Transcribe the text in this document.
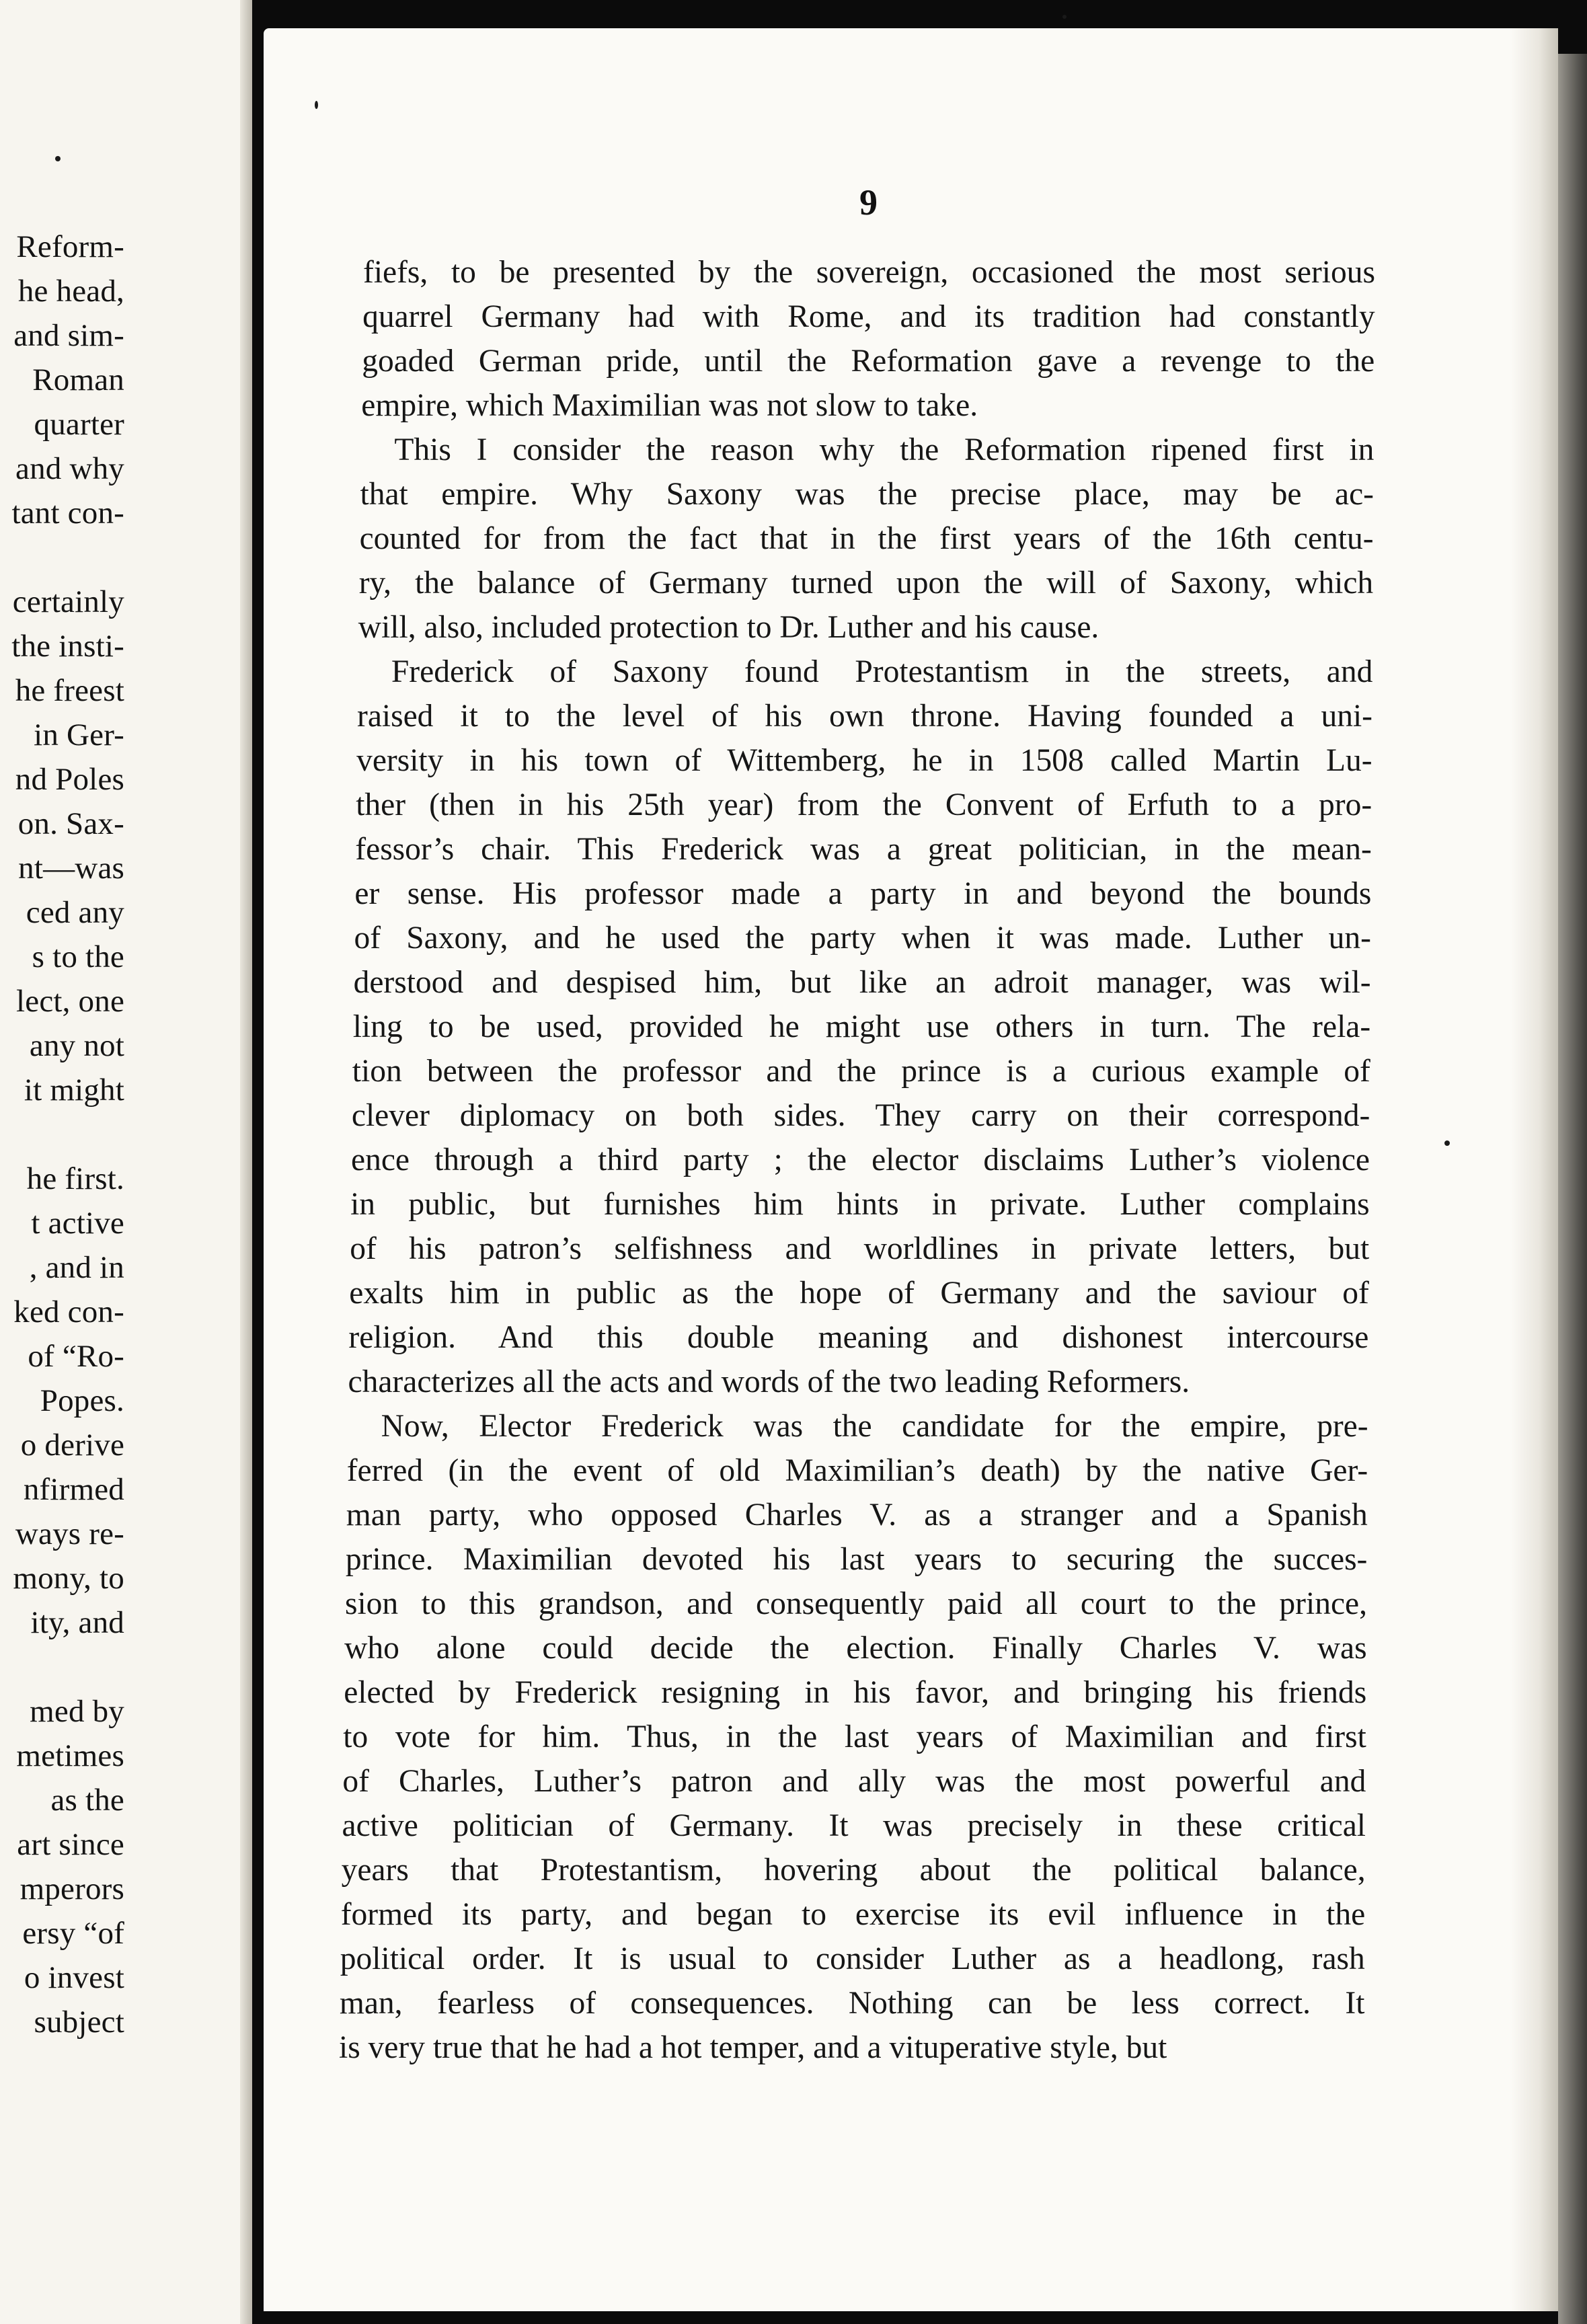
Reform-
he head,
and sim-
Roman
quarter
and why
tant con-
certainly
the insti-
he freest
in Ger-
nd Poles
on. Sax-
nt—was
ced any
s to the
lect, one
any not
it might
he first.
t active
, and in
ked con-
of “Ro-
Popes.
o derive
nfirmed
ways re-
mony, to
ity, and
med by
metimes
as the
art since
mperors
ersy “of
o invest
subject
9
fiefs, to be presented by the sovereign, occasioned the most serious
quarrel Germany had with Rome, and its tradition had constantly
goaded German pride, until the Reformation gave a revenge to the
empire, which Maximilian was not slow to take.
This I consider the reason why the Reformation ripened first in
that empire. Why Saxony was the precise place, may be ac-
counted for from the fact that in the first years of the 16th centu-
ry, the balance of Germany turned upon the will of Saxony, which
will, also, included protection to Dr. Luther and his cause.
Frederick of Saxony found Protestantism in the streets, and
raised it to the level of his own throne. Having founded a uni-
versity in his town of Wittemberg, he in 1508 called Martin Lu-
ther (then in his 25th year) from the Convent of Erfuth to a pro-
fessor’s chair. This Frederick was a great politician, in the mean-
er sense. His professor made a party in and beyond the bounds
of Saxony, and he used the party when it was made. Luther un-
derstood and despised him, but like an adroit manager, was wil-
ling to be used, provided he might use others in turn. The rela-
tion between the professor and the prince is a curious example of
clever diplomacy on both sides. They carry on their correspond-
ence through a third party ; the elector disclaims Luther’s violence
in public, but furnishes him hints in private. Luther complains
of his patron’s selfishness and worldlines in private letters, but
exalts him in public as the hope of Germany and the saviour of
religion. And this double meaning and dishonest intercourse
characterizes all the acts and words of the two leading Reformers.
Now, Elector Frederick was the candidate for the empire, pre-
ferred (in the event of old Maximilian’s death) by the native Ger-
man party, who opposed Charles V. as a stranger and a Spanish
prince. Maximilian devoted his last years to securing the succes-
sion to this grandson, and consequently paid all court to the prince,
who alone could decide the election. Finally Charles V. was
elected by Frederick resigning in his favor, and bringing his friends
to vote for him. Thus, in the last years of Maximilian and first
of Charles, Luther’s patron and ally was the most powerful and
active politician of Germany. It was precisely in these critical
years that Protestantism, hovering about the political balance,
formed its party, and began to exercise its evil influence in the
political order. It is usual to consider Luther as a headlong, rash
man, fearless of consequences. Nothing can be less correct. It
is very true that he had a hot temper, and a vituperative style, but
